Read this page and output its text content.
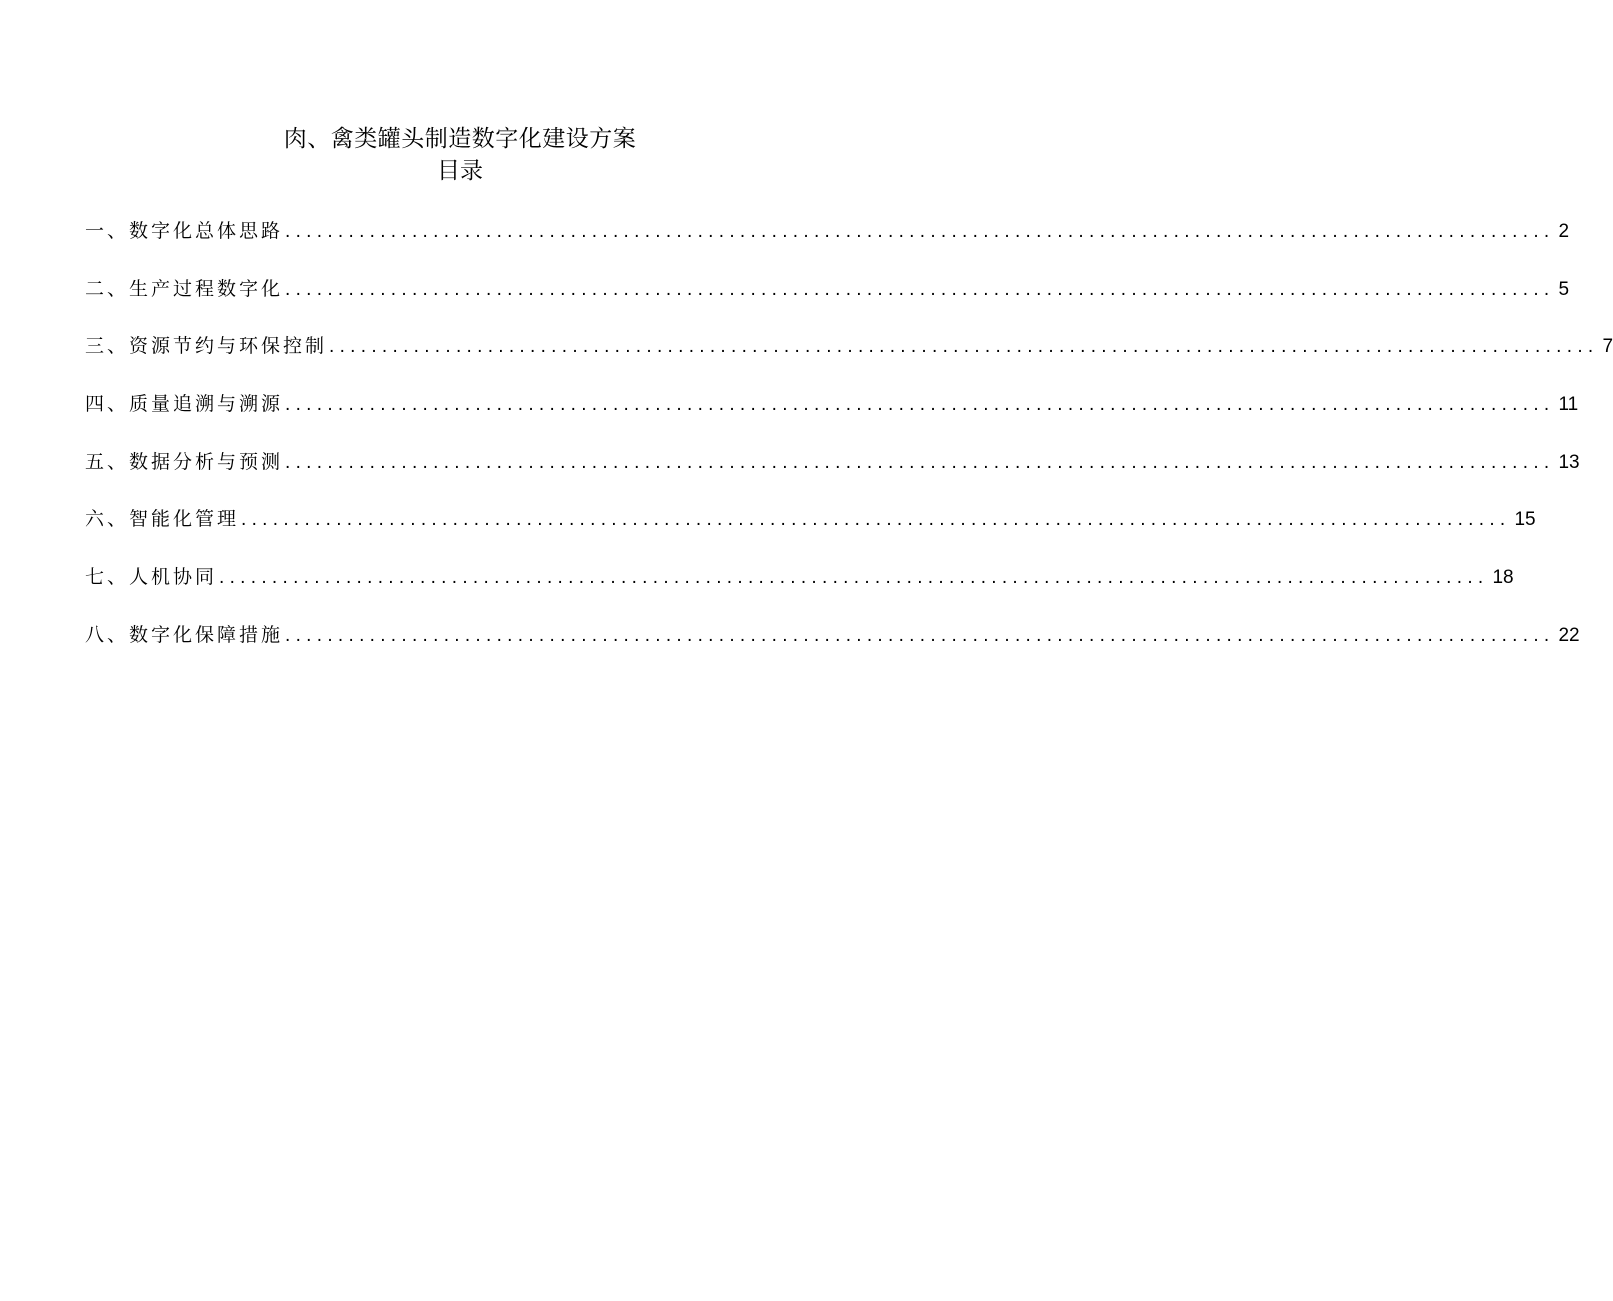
肉、禽类罐头制造数字化建设方案
目录
一、数字化总体思路 ........................................................................................................................ 2
二、生产过程数字化 ........................................................................................................................ 5
三、资源节约与环保控制 ........................................................................................................................ 7
四、质量追溯与溯源 ........................................................................................................................ 11
五、数据分析与预测 ........................................................................................................................ 13
六、智能化管理 ........................................................................................................................ 15
七、人机协同 ........................................................................................................................ 18
八、数字化保障措施 ........................................................................................................................ 22
